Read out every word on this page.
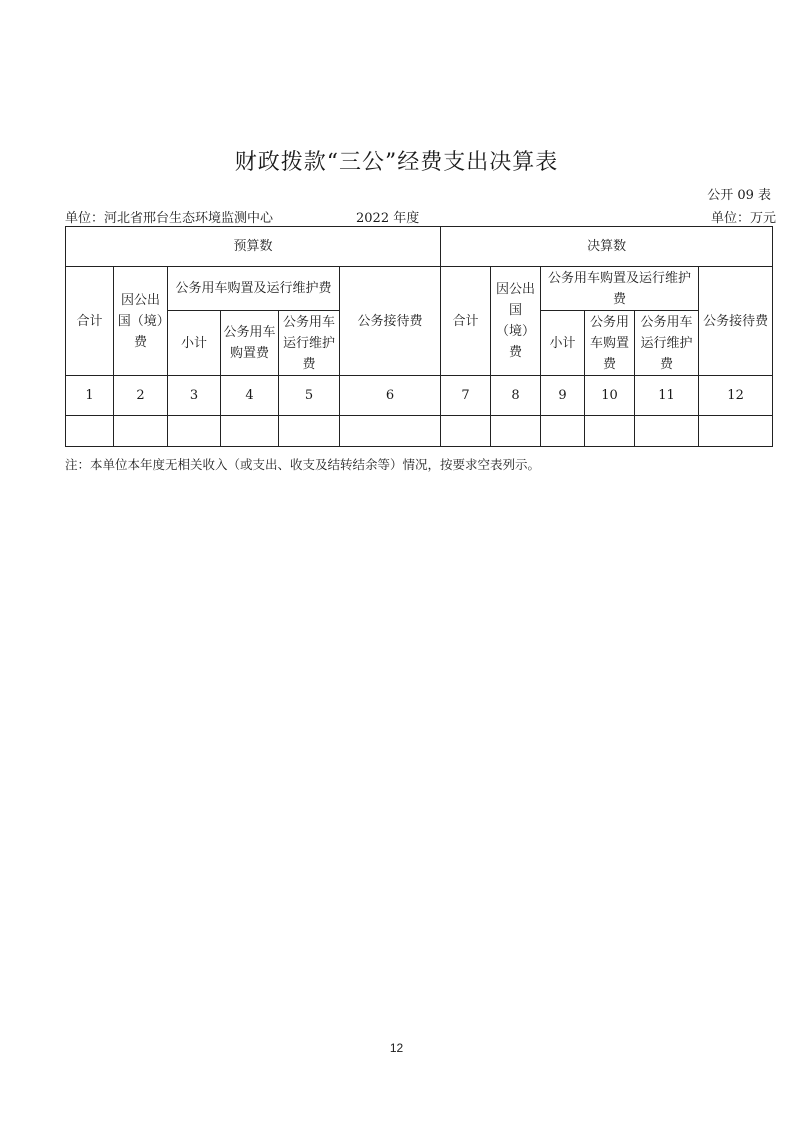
财政拨款“三公”经费支出决算表
公开 09 表
单位：河北省邢台生态环境监测中心	2022 年度	单位：万元
预算数						决算数					
合计	因公出国（境）费	公务用车购置及运行维护费			公务接待费	合计	因公出国（境）费	公务用车购置及运行维护费			公务接待费
		小计	公务用车购置费	公务用车运行维护费				小计	公务用车购置费	公务用车运行维护费	
1	2	3	4	5	6	7	8	9	10	11	12

注：本单位本年度无相关收入（或支出、收支及结转结余等）情况，按要求空表列示。
12
